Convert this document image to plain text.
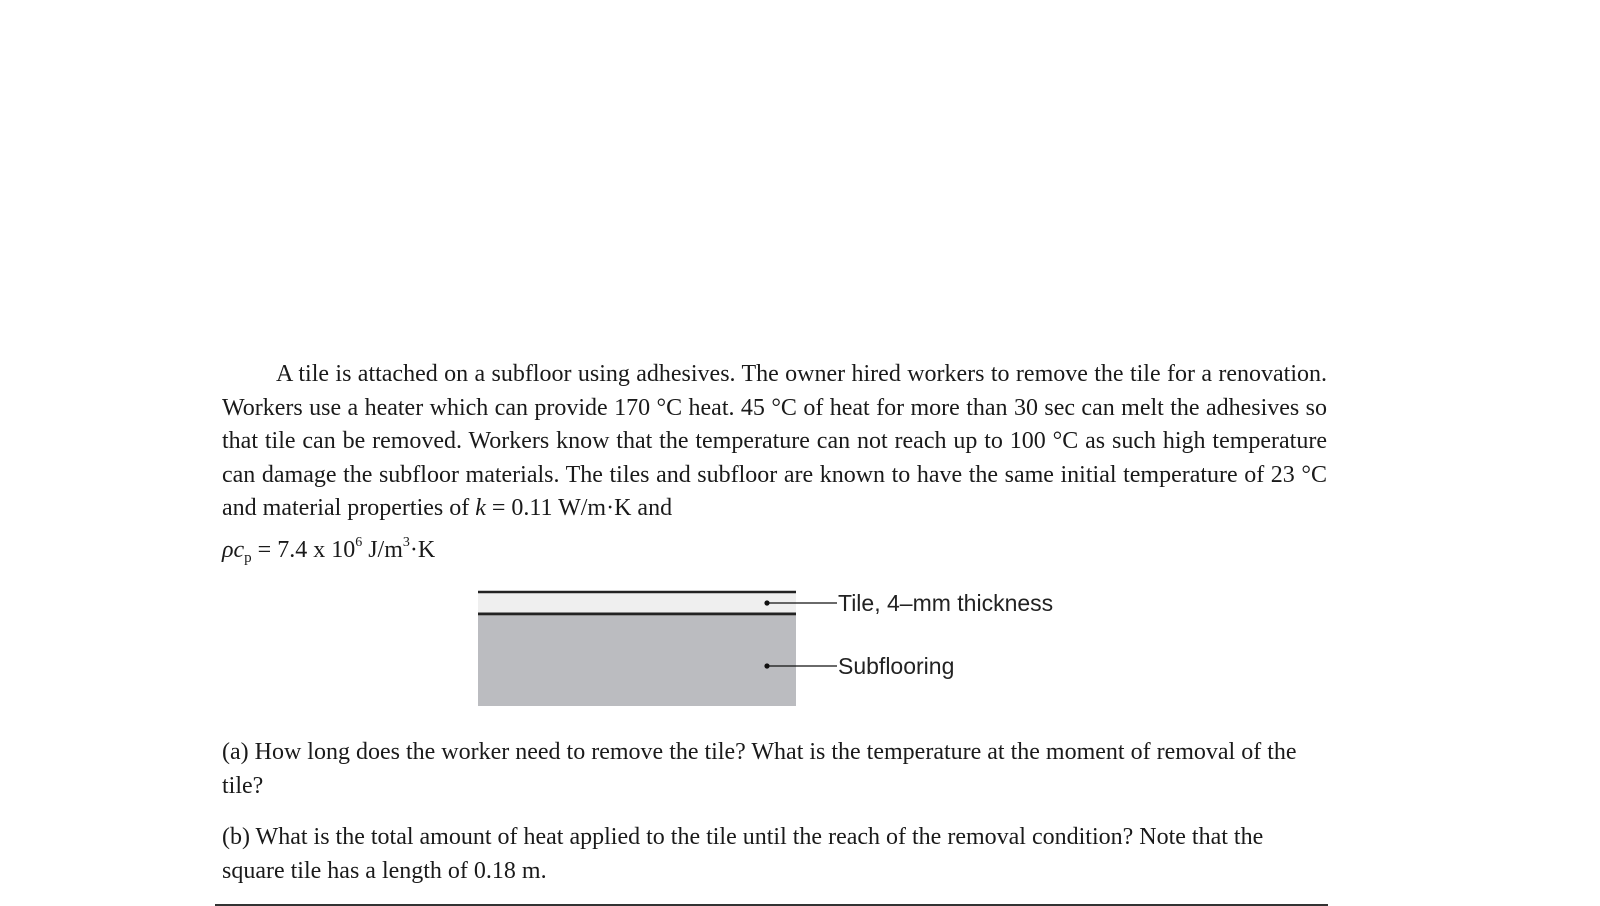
A tile is attached on a subfloor using adhesives. The owner hired workers to remove the tile for a renovation. Workers use a heater which can provide 170 °C heat. 45 °C of heat for more than 30 sec can melt the adhesives so that tile can be removed. Workers know that the temperature can not reach up to 100 °C as such high temperature can damage the subfloor materials. The tiles and subfloor are known to have the same initial temperature of 23 °C and material properties of k = 0.11 W/m·K and

$\rho c_p = 7.4$ x $10^6$ $J/m^3\cdot K$
Tile, 4–mm thickness
Subflooring
(a) How long does the worker need to remove the tile? What is the temperature at the moment of removal of the tile?
(b) What is the total amount of heat applied to the tile until the reach of the removal condition? Note that the square tile has a length of 0.18 m.
